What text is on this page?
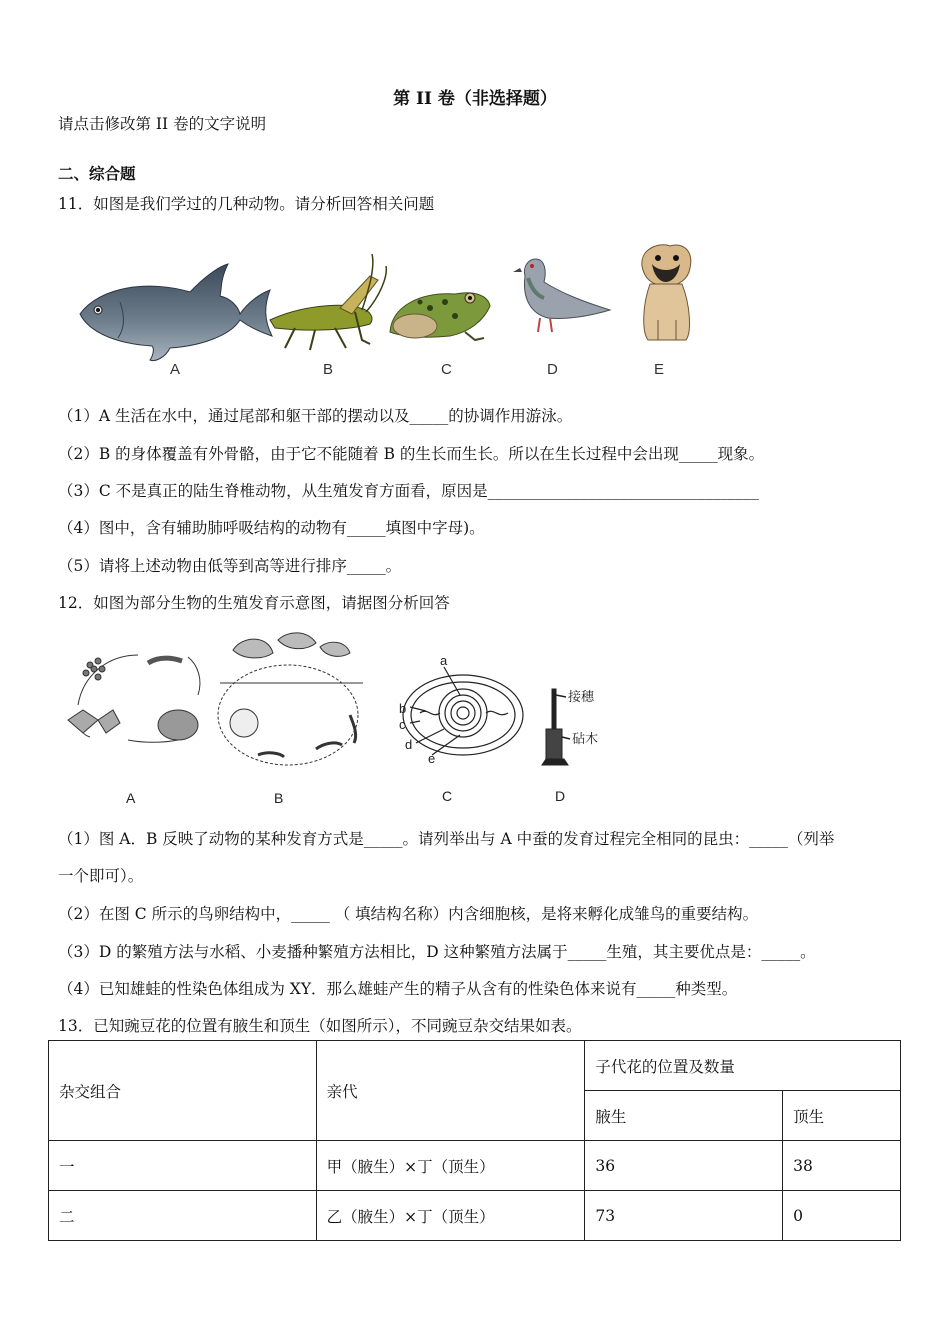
第 II 卷（非选择题）
请点击修改第 II 卷的文字说明
二、综合题
11．如图是我们学过的几种动物。请分析回答相关问题
A	B	C	D	E
（1）A 生活在水中，通过尾部和躯干部的摆动以及_____的协调作用游泳。
（2）B 的身体覆盖有外骨骼，由于它不能随着 B 的生长而生长。所以在生长过程中会出现_____现象。
（3）C 不是真正的陆生脊椎动物，从生殖发育方面看，原因是___________________________________
（4）图中，含有辅助肺呼吸结构的动物有_____填图中字母)。
（5）请将上述动物由低等到高等进行排序_____。
12．如图为部分生物的生殖发育示意图，请据图分析回答
a
b
c
d
e
接穗
砧木
A	B	C	D
（1）图 A．B 反映了动物的某种发育方式是_____。请列举出与 A 中蚕的发育过程完全相同的昆虫：_____（列举
一个即可）。
（2）在图 C 所示的鸟卵结构中，_____ （ 填结构名称）内含细胞核，是将来孵化成雏鸟的重要结构。
（3）D 的繁殖方法与水稻、小麦播种繁殖方法相比，D 这种繁殖方法属于_____生殖，其主要优点是：_____。
（4）已知雄蛙的性染色体组成为 XY．那么雄蛙产生的精子从含有的性染色体来说有_____种类型。
13．已知豌豆花的位置有腋生和顶生（如图所示），不同豌豆杂交结果如表。
杂交组合	亲代	子代花的位置及数量	
		腋生	顶生
一	甲（腋生）×丁（顶生）	36	38
二	乙（腋生）×丁（顶生）	73	0
